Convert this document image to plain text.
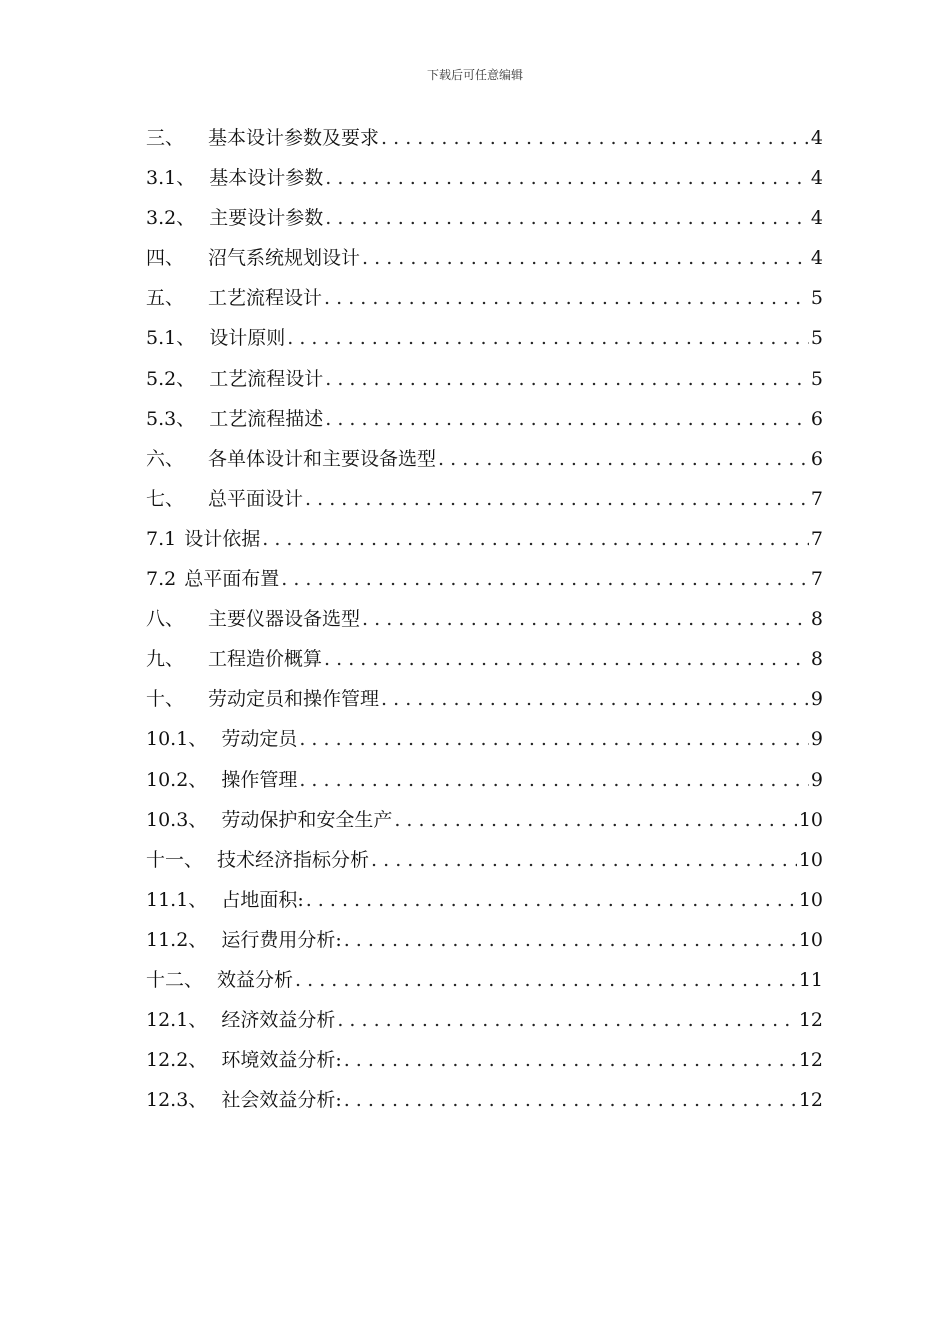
下载后可任意编辑
三、 基本设计参数及要求 . . .	4
3.1、 基本设计参数 . . .	4
3.2、 主要设计参数 . . .	4
四、 沼气系统规划设计 . . .	4
五、 工艺流程设计 . . .	5
5.1、 设计原则 . . .	5
5.2、 工艺流程设计 . . .	5
5.3、 工艺流程描述 . . .	6
六、 各单体设计和主要设备选型 . . .	6
七、 总平面设计 . . .	7
7.1 设计依据 . . .	7
7.2 总平面布置 . . .	7
八、 主要仪器设备选型 . . .	8
九、 工程造价概算 . . .	8
十、 劳动定员和操作管理 . . .	9
10.1、 劳动定员 . . .	9
10.2、 操作管理 . . .	9
10.3、 劳动保护和安全生产 . . .	10
十一、 技术经济指标分析 . . .	10
11.1、 占地面积: . . .	10
11.2、 运行费用分析: . . .	10
十二、 效益分析 . . .	11
12.1、 经济效益分析 . . .	12
12.2、 环境效益分析: . . .	12
12.3、 社会效益分析: . . .	12
